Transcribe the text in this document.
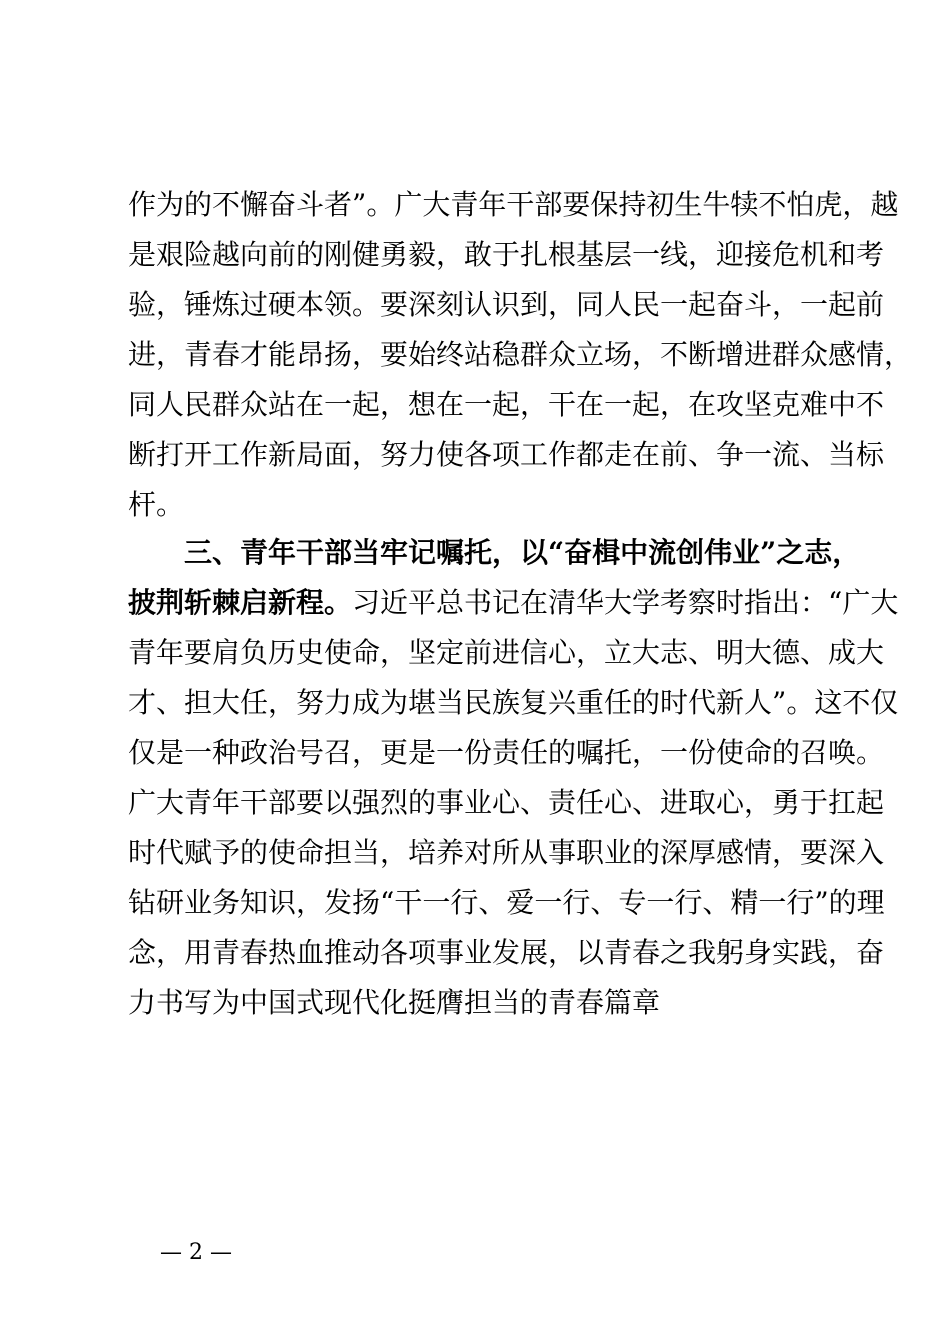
作为的不懈奋斗者”。广大青年干部要保持初生牛犊不怕虎，越
是艰险越向前的刚健勇毅，敢于扎根基层一线，迎接危机和考
验，锤炼过硬本领。要深刻认识到，同人民一起奋斗，一起前
进，青春才能昂扬，要始终站稳群众立场，不断增进群众感情，
同人民群众站在一起，想在一起，干在一起，在攻坚克难中不
断打开工作新局面，努力使各项工作都走在前、争一流、当标
杆。
三、青年干部当牢记嘱托，以“奋楫中流创伟业”之志，
披荆斩棘启新程。习近平总书记在清华大学考察时指出：“广大
青年要肩负历史使命，坚定前进信心，立大志、明大德、成大
才、担大任，努力成为堪当民族复兴重任的时代新人”。这不仅
仅是一种政治号召，更是一份责任的嘱托，一份使命的召唤。
广大青年干部要以强烈的事业心、责任心、进取心，勇于扛起
时代赋予的使命担当，培养对所从事职业的深厚感情，要深入
钻研业务知识，发扬“干一行、爱一行、专一行、精一行”的理
念，用青春热血推动各项事业发展，以青春之我躬身实践，奋
力书写为中国式现代化挺膺担当的青春篇章
— 2 —
